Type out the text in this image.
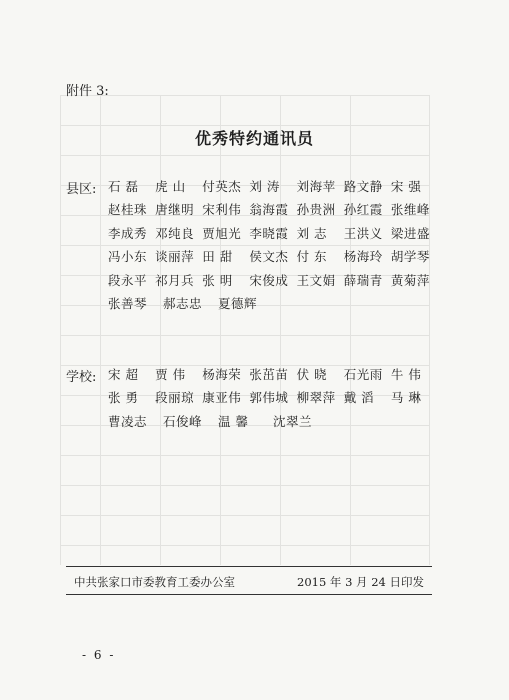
附件 3:
优秀特约通讯员
县区: 石 磊	虎 山	付英杰 刘 涛	刘海苹 路文静 宋 强
赵桂珠 唐继明 宋利伟 翁海霞 孙贵洲 孙红霞 张维峰
李成秀 邓纯良 贾旭光 李晓霞 刘 志	王洪义 梁进盛
冯小东 谈丽萍 田 甜	侯文杰 付 东	杨海玲 胡学琴
段永平 祁月兵 张 明	宋俊成 王文娟 薛瑞青 黄菊萍
张善琴	郝志忠	夏德辉
学校: 宋 超	贾 伟	杨海荣 张茁苗 伏 晓	石光雨 牛 伟
张 勇	段丽琼 康亚伟 郭伟城 柳翠萍 戴 滔	马 琳
曹凌志	石俊峰	温 馨	沈翠兰
中共张家口市委教育工委办公室	2015 年 3 月 24 日印发
- 6 -
